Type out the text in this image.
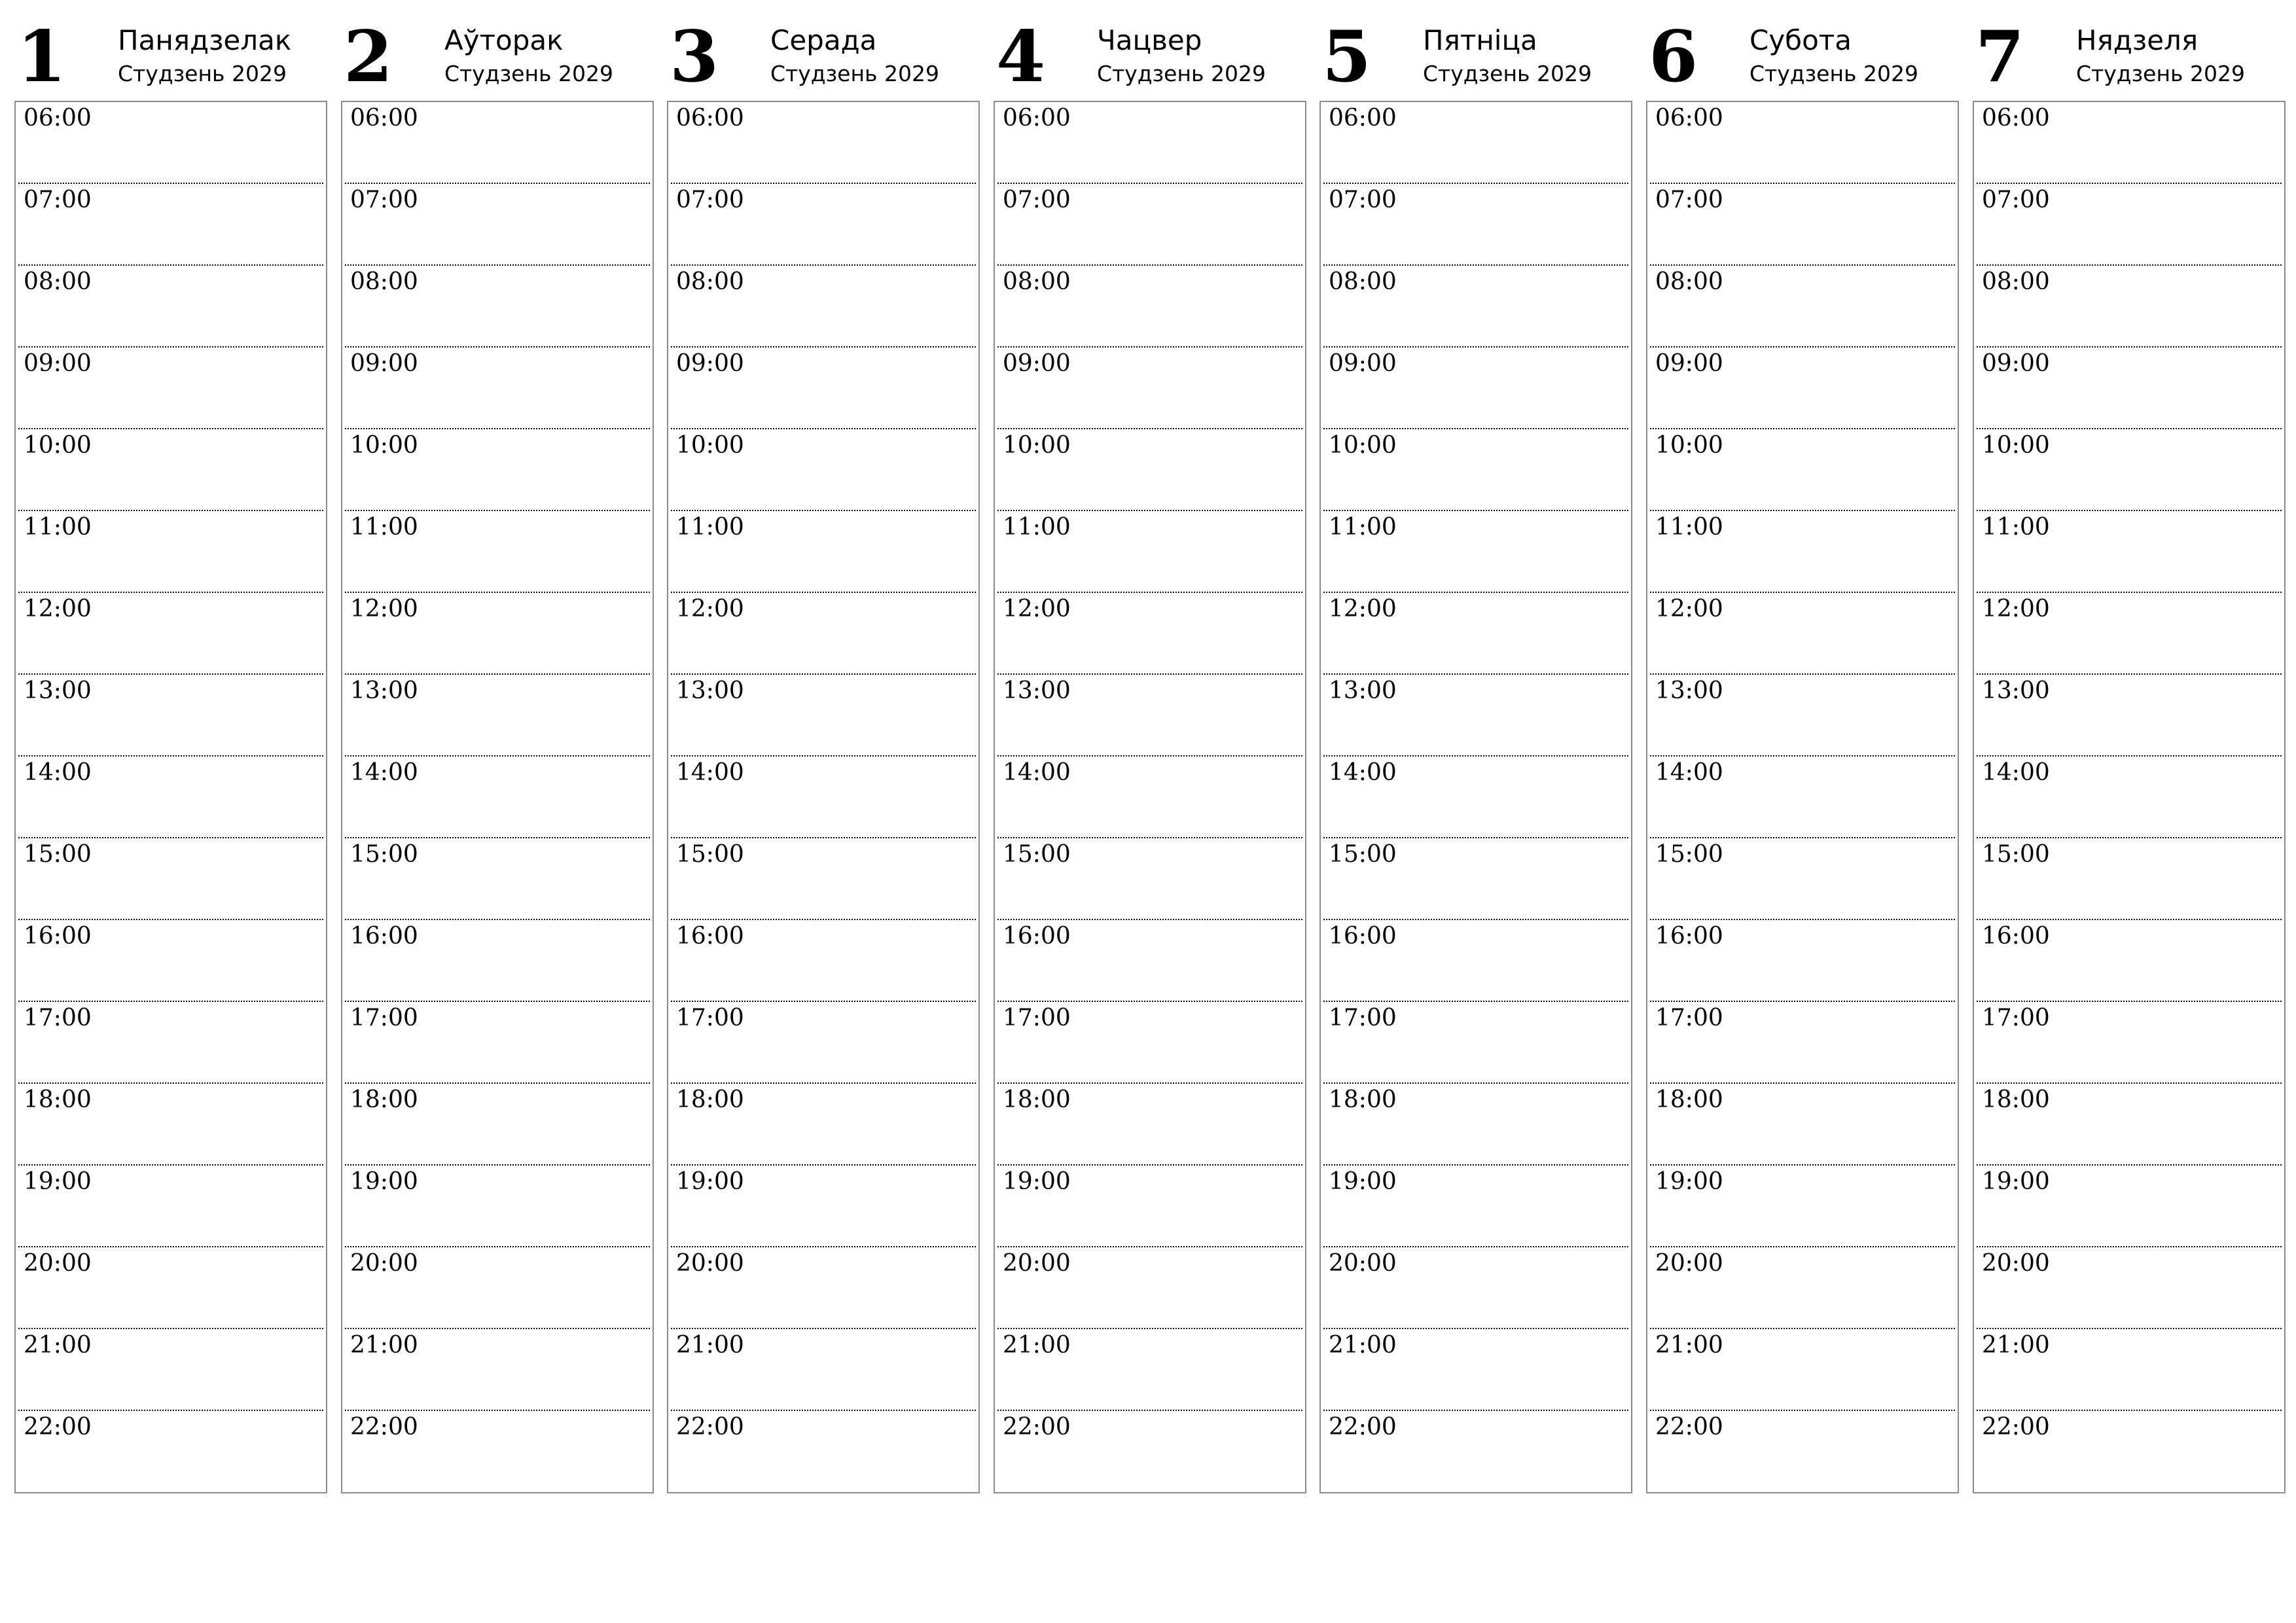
1 Панядзелак
Студзень 2029
06:00
07:00
08:00
09:00
10:00
11:00
12:00
13:00
14:00
15:00
16:00
17:00
18:00
19:00
20:00
21:00
22:00
2 Аўторак
Студзень 2029
06:00
07:00
08:00
09:00
10:00
11:00
12:00
13:00
14:00
15:00
16:00
17:00
18:00
19:00
20:00
21:00
22:00
3 Серада
Студзень 2029
06:00
07:00
08:00
09:00
10:00
11:00
12:00
13:00
14:00
15:00
16:00
17:00
18:00
19:00
20:00
21:00
22:00
4 Чацвер
Студзень 2029
06:00
07:00
08:00
09:00
10:00
11:00
12:00
13:00
14:00
15:00
16:00
17:00
18:00
19:00
20:00
21:00
22:00
5 Пятніца
Студзень 2029
06:00
07:00
08:00
09:00
10:00
11:00
12:00
13:00
14:00
15:00
16:00
17:00
18:00
19:00
20:00
21:00
22:00
6 Субота
Студзень 2029
06:00
07:00
08:00
09:00
10:00
11:00
12:00
13:00
14:00
15:00
16:00
17:00
18:00
19:00
20:00
21:00
22:00
7 Нядзеля
Студзень 2029
06:00
07:00
08:00
09:00
10:00
11:00
12:00
13:00
14:00
15:00
16:00
17:00
18:00
19:00
20:00
21:00
22:00
